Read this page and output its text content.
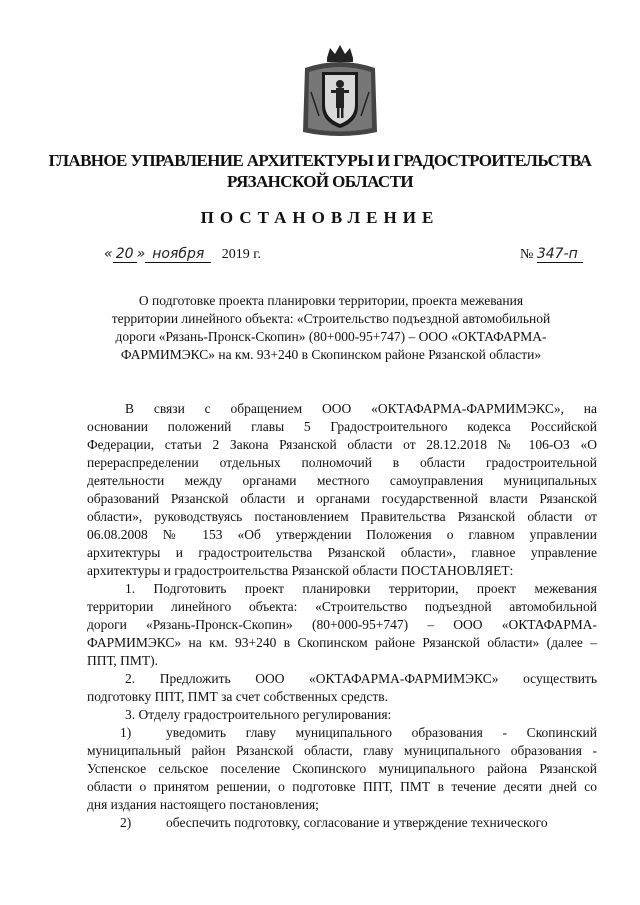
ГЛАВНОЕ УПРАВЛЕНИЕ АРХИТЕКТУРЫ И ГРАДОСТРОИТЕЛЬСТВА
РЯЗАНСКОЙ ОБЛАСТИ
ПОСТАНОВЛЕНИЕ
« 20 » ноября 2019 г.	№ 347-п
О подготовке проекта планировки территории, проекта межевания
территории линейного объекта: «Строительство подъездной автомобильной
дороги «Рязань-Пронск-Скопин» (80+000-95+747) – ООО «ОКТАФАРМА-
ФАРМИМЭКС» на км. 93+240 в Скопинском районе Рязанской области»
В связи с обращением ООО «ОКТАФАРМА-ФАРМИМЭКС», на
основании положений главы 5 Градостроительного кодекса Российской
Федерации, статьи 2 Закона Рязанской области от 28.12.2018 № 106-ОЗ «О
перераспределении отдельных полномочий в области градостроительной
деятельности между органами местного самоуправления муниципальных
образований Рязанской области и органами государственной власти Рязанской
области», руководствуясь постановлением Правительства Рязанской области от
06.08.2008 № 153 «Об утверждении Положения о главном управлении
архитектуры и градостроительства Рязанской области», главное управление
архитектуры и градостроительства Рязанской области ПОСТАНОВЛЯЕТ:
1. Подготовить проект планировки территории, проект межевания
территории линейного объекта: «Строительство подъездной автомобильной
дороги «Рязань-Пронск-Скопин» (80+000-95+747) – ООО «ОКТАФАРМА-
ФАРМИМЭКС» на км. 93+240 в Скопинском районе Рязанской области» (далее –
ППТ, ПМТ).
2. Предложить ООО «ОКТАФАРМА-ФАРМИМЭКС» осуществить
подготовку ППТ, ПМТ за счет собственных средств.
3. Отделу градостроительного регулирования:
1)	уведомить главу муниципального образования - Скопинский
муниципальный район Рязанской области, главу муниципального образования -
Успенское сельское поселение Скопинского муниципального района Рязанской
области о принятом решении, о подготовке ППТ, ПМТ в течение десяти дней со
дня издания настоящего постановления;
2)	обеспечить подготовку, согласование и утверждение технического
